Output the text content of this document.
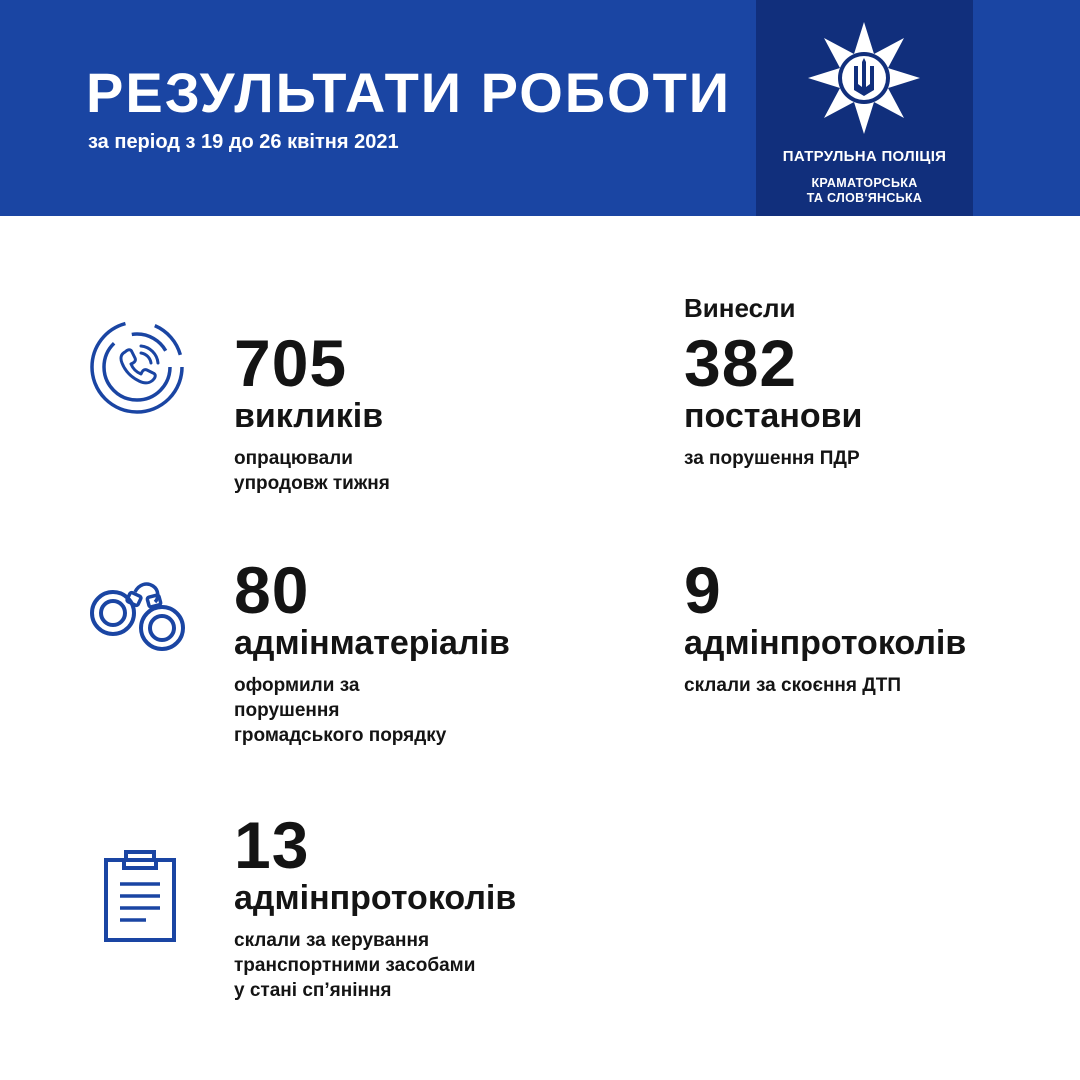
РЕЗУЛЬТАТИ РОБОТИ
за період з 19 до 26 квітня 2021
ПАТРУЛЬНА ПОЛІЦІЯ
КРАМАТОРСЬКА
ТА СЛОВ'ЯНСЬКА
705
викликів
опрацювали
упродовж тижня
Винесли
382
постанови
за порушення ПДР
80
адмінматеріалів
оформили за
порушення
громадського порядку
9
адмінпротоколів
склали за скоєння ДТП
13
адмінпротоколів
склали за керування
транспортними засобами
у стані сп’яніння
